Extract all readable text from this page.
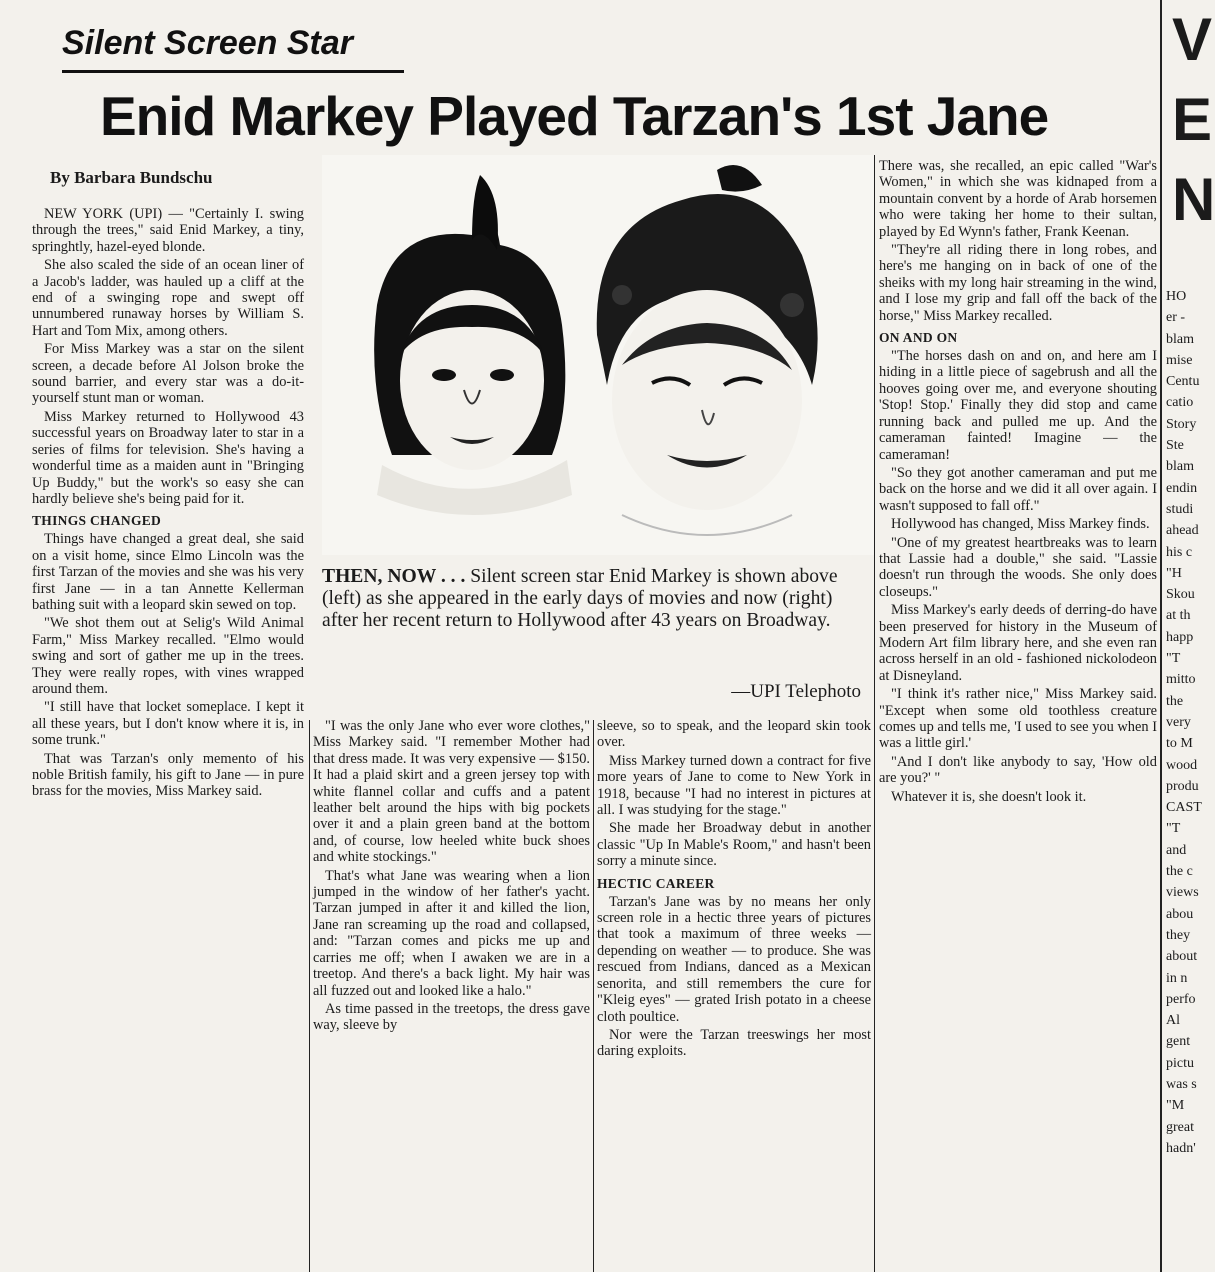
Silent Screen Star
Enid Markey Played Tarzan's 1st Jane
By Barbara Bundschu
THEN, NOW . . . Silent screen star Enid Markey is shown above (left) as she appeared in the early days of movies and now (right) after her recent return to Hollywood after 43 years on Broadway.
—UPI Telephoto

NEW YORK (UPI) — "Certainly I. swing through the trees," said Enid Markey, a tiny, springhtly, hazel-eyed blonde.

She also scaled the side of an ocean liner of a Jacob's ladder, was hauled up a cliff at the end of a swinging rope and swept off unnumbered runaway horses by William S. Hart and Tom Mix, among others.

For Miss Markey was a star on the silent screen, a decade before Al Jolson broke the sound barrier, and every star was a do-it-yourself stunt man or woman.

Miss Markey returned to Hollywood 43 successful years on Broadway later to star in a series of films for television. She's having a wonderful time as a maiden aunt in "Bringing Up Buddy," but the work's so easy she can hardly believe she's being paid for it.

THINGS CHANGED

Things have changed a great deal, she said on a visit home, since Elmo Lincoln was the first Tarzan of the movies and she was his very first Jane — in a tan Annette Kellerman bathing suit with a leopard skin sewed on top.

"We shot them out at Selig's Wild Animal Farm," Miss Markey recalled. "Elmo would swing and sort of gather me up in the trees. They were really ropes, with vines wrapped around them.

"I still have that locket someplace. I kept it all these years, but I don't know where it is, in some trunk."

That was Tarzan's only memento of his noble British family, his gift to Jane — in pure brass for the movies, Miss Markey said.

"I was the only Jane who ever wore clothes," Miss Markey said. "I remember Mother had that dress made. It was very expensive — $150. It had a plaid skirt and a green jersey top with white flannel collar and cuffs and a patent leather belt around the hips with big pockets over it and a plain green band at the bottom and, of course, low heeled white buck shoes and white stockings."

That's what Jane was wearing when a lion jumped in the window of her father's yacht. Tarzan jumped in after it and killed the lion, Jane ran screaming up the road and collapsed, and: "Tarzan comes and picks me up and carries me off; when I awaken we are in a treetop. And there's a back light. My hair was all fuzzed out and looked like a halo."

As time passed in the treetops, the dress gave way, sleeve by

sleeve, so to speak, and the leopard skin took over.

Miss Markey turned down a contract for five more years of Jane to come to New York in 1918, because "I had no interest in pictures at all. I was studying for the stage."

She made her Broadway debut in another classic "Up In Mable's Room," and hasn't been sorry a minute since.

HECTIC CAREER

Tarzan's Jane was by no means her only screen role in a hectic three years of pictures that took a maximum of three weeks — depending on weather — to produce. She was rescued from Indians, danced as a Mexican senorita, and still remembers the cure for "Kleig eyes" — grated Irish potato in a cheese cloth poultice.

Nor were the Tarzan treeswings her most daring exploits.

There was, she recalled, an epic called "War's Women," in which she was kidnaped from a mountain convent by a horde of Arab horsemen who were taking her home to their sultan, played by Ed Wynn's father, Frank Keenan.

"They're all riding there in long robes, and here's me hanging on in back of one of the sheiks with my long hair streaming in the wind, and I lose my grip and fall off the back of the horse," Miss Markey recalled.

ON AND ON

"The horses dash on and on, and here am I hiding in a little piece of sagebrush and all the hooves going over me, and everyone shouting 'Stop! Stop.' Finally they did stop and came running back and pulled me up. And the cameraman fainted! Imagine — the cameraman!

"So they got another cameraman and put me back on the horse and we did it all over again. I wasn't supposed to fall off."

Hollywood has changed, Miss Markey finds.

"One of my greatest heartbreaks was to learn that Lassie had a double," she said. "Lassie doesn't run through the woods. She only does closeups."

Miss Markey's early deeds of derring-do have been preserved for history in the Museum of Modern Art film library here, and she even ran across herself in an old - fashioned nickolodeon at Disneyland.

"I think it's rather nice," Miss Markey said. "Except when some old toothless creature comes up and tells me, 'I used to see you when I was a little girl.'

"And I don't like anybody to say, 'How old are you?' "

Whatever it is, she doesn't look it.

V
E
N
HO
er -
blam
mise
Centu
catio
Story
Ste
blam
endin
studi
ahead
his c
"H
Skou
at th
happ
"T
mitto
the
very
to M
wood
produ
CAST
"T
and
the c
views
abou
they
about
in n
perfo
Al
gent
pictu
was s
"M
great
hadn'
